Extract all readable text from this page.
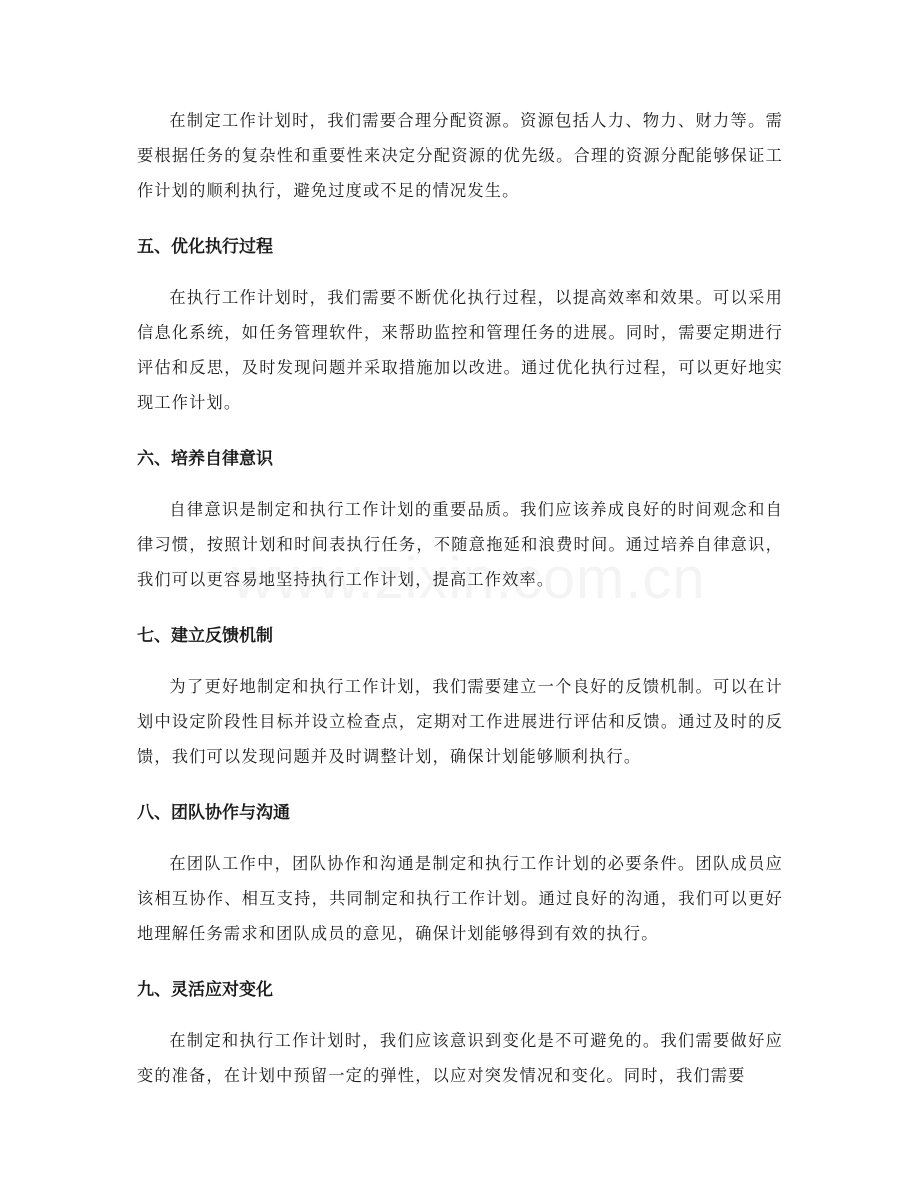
在制定工作计划时，我们需要合理分配资源。资源包括人力、物力、财力等。需要根据任务的复杂性和重要性来决定分配资源的优先级。合理的资源分配能够保证工作计划的顺利执行，避免过度或不足的情况发生。

五、优化执行过程

在执行工作计划时，我们需要不断优化执行过程，以提高效率和效果。可以采用信息化系统，如任务管理软件，来帮助监控和管理任务的进展。同时，需要定期进行评估和反思，及时发现问题并采取措施加以改进。通过优化执行过程，可以更好地实现工作计划。

六、培养自律意识

自律意识是制定和执行工作计划的重要品质。我们应该养成良好的时间观念和自律习惯，按照计划和时间表执行任务，不随意拖延和浪费时间。通过培养自律意识，我们可以更容易地坚持执行工作计划，提高工作效率。

七、建立反馈机制

为了更好地制定和执行工作计划，我们需要建立一个良好的反馈机制。可以在计划中设定阶段性目标并设立检查点，定期对工作进展进行评估和反馈。通过及时的反馈，我们可以发现问题并及时调整计划，确保计划能够顺利执行。

八、团队协作与沟通

在团队工作中，团队协作和沟通是制定和执行工作计划的必要条件。团队成员应该相互协作、相互支持，共同制定和执行工作计划。通过良好的沟通，我们可以更好地理解任务需求和团队成员的意见，确保计划能够得到有效的执行。

九、灵活应对变化

在制定和执行工作计划时，我们应该意识到变化是不可避免的。我们需要做好应变的准备，在计划中预留一定的弹性，以应对突发情况和变化。同时，我们需要
